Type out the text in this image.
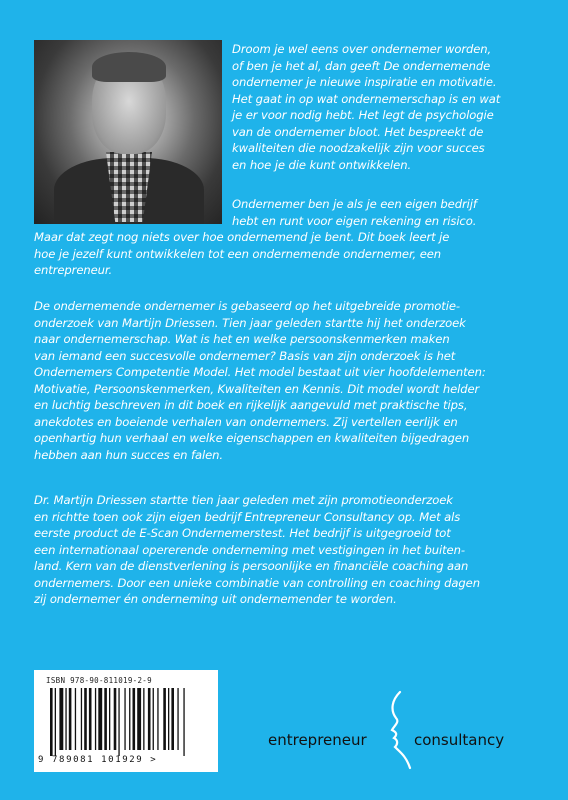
Droom je wel eens over ondernemer worden,
of ben je het al, dan geeft De ondernemende
ondernemer je nieuwe inspiratie en motivatie.
Het gaat in op wat ondernemerschap is en wat
je er voor nodig hebt. Het legt de psychologie
van de ondernemer bloot. Het bespreekt de
kwaliteiten die noodzakelijk zijn voor succes
en hoe je die kunt ontwikkelen.

Ondernemer ben je als je een eigen bedrijf
hebt en runt voor eigen rekening en risico.

Maar dat zegt nog niets over hoe ondernemend je bent. Dit boek leert je
hoe je jezelf kunt ontwikkelen tot een ondernemende ondernemer, een
entrepreneur.

De ondernemende ondernemer is gebaseerd op het uitgebreide promotie-
onderzoek van Martijn Driessen. Tien jaar geleden startte hij het onderzoek
naar ondernemerschap. Wat is het en welke persoonskenmerken maken
van iemand een succesvolle ondernemer? Basis van zijn onderzoek is het
Ondernemers Competentie Model. Het model bestaat uit vier hoofdelementen:
Motivatie, Persoonskenmerken, Kwaliteiten en Kennis. Dit model wordt helder
en luchtig beschreven in dit boek en rijkelijk aangevuld met praktische tips,
anekdotes en boeiende verhalen van ondernemers. Zij vertellen eerlijk en
openhartig hun verhaal en welke eigenschappen en kwaliteiten bijgedragen
hebben aan hun succes en falen.

Dr. Martijn Driessen startte tien jaar geleden met zijn promotieonderzoek
en richtte toen ook zijn eigen bedrijf Entrepreneur Consultancy op. Met als
eerste product de E-Scan Ondernemerstest. Het bedrijf is uitgegroeid tot
een internationaal opererende onderneming met vestigingen in het buiten-
land. Kern van de dienstverlening is persoonlijke en financiële coaching aan
ondernemers. Door een unieke combinatie van controlling en coaching dagen
zij ondernemer én onderneming uit ondernemender te worden.

ISBN 978-90-811019-2-9
9 789081 101929 >
entrepreneur	consultancy
